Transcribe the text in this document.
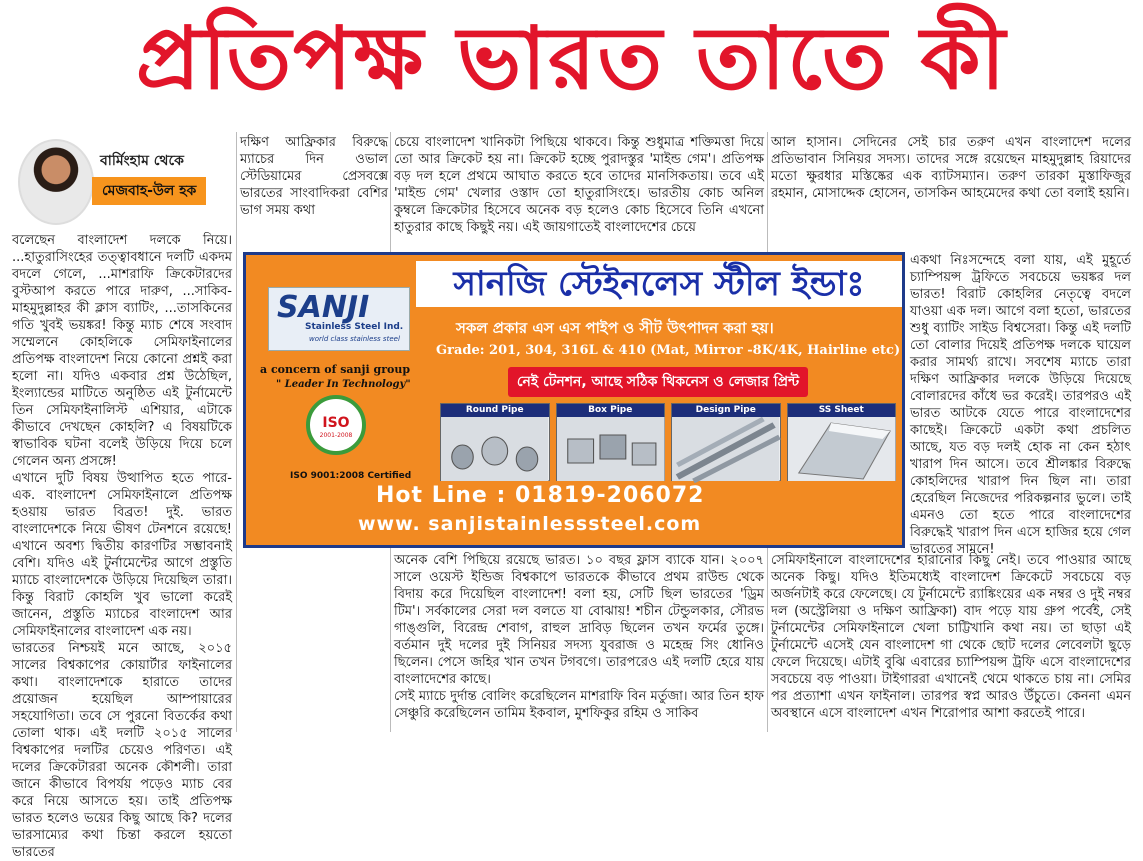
প্রতিপক্ষ ভারত তাতে কী
বার্মিংহাম থেকে
মেজবাহ-উল হক

বলেছেন বাংলাদেশ দলকে নিয়ে। ...হাতুরাসিংহের তত্ত্বাবধানে দলটি একদম বদলে গেলে, ...মাশরাফি ক্রিকেটারদের বুস্টআপ করতে পারে দারুণ, ...সাকিব-মাহমুদুল্লাহর কী ক্লাস ব্যাটিং, ...তাসকিনের গতি খুবই ভয়ঙ্কর! কিন্তু ম্যাচ শেষে সংবাদ সম্মেলনে কোহলিকে সেমিফাইনালের প্রতিপক্ষ বাংলাদেশ নিয়ে কোনো প্রশ্নই করা হলো না। যদিও একবার প্রশ্ন উঠেছিল, ইংল্যান্ডের মাটিতে অনুষ্ঠিত এই টুর্নামেন্টে তিন সেমিফাইনালিস্ট এশিয়ার, এটাকে কীভাবে দেখছেন কোহলি? এ বিষয়টিকে স্বাভাবিক ঘটনা বলেই উড়িয়ে দিয়ে চলে গেলেন অন্য প্রসঙ্গে!

এখানে দুটি বিষয় উত্থাপিত হতে পারে- এক. বাংলাদেশ সেমিফাইনালে প্রতিপক্ষ হওয়ায় ভারত বিব্রত! দুই. ভারত বাংলাদেশকে নিয়ে ভীষণ টেনশনে রয়েছে! এখানে অবশ্য দ্বিতীয় কারণটির সম্ভাবনাই বেশি। যদিও এই টুর্নামেন্টের আগে প্রস্তুতি ম্যাচে বাংলাদেশকে উড়িয়ে দিয়েছিল তারা। কিন্তু বিরাট কোহলি খুব ভালো করেই জানেন, প্রস্তুতি ম্যাচের বাংলাদেশ আর সেমিফাইনালের বাংলাদেশ এক নয়।

ভারতের নিশ্চয়ই মনে আছে, ২০১৫ সালের বিশ্বকাপের কোয়ার্টার ফাইনালের কথা। বাংলাদেশকে হারাতে তাদের প্রয়োজন হয়েছিল আম্পায়ারের সহযোগিতা। তবে সে পুরনো বিতর্কের কথা তোলা থাক। এই দলটি ২০১৫ সালের বিশ্বকাপের দলটির চেয়েও পরিণত। এই দলের ক্রিকেটাররা অনেক কৌশলী। তারা জানে কীভাবে বিপর্যয় পড়েও ম্যাচ বের করে নিয়ে আসতে হয়। তাই প্রতিপক্ষ ভারত হলেও ভয়ের কিছু আছে কি? দলের ভারসাম্যের কথা চিন্তা করলে হয়তো ভারতের

দক্ষিণ আফ্রিকার বিরুদ্ধে ম্যাচের দিন ওভাল স্টেডিয়ামের প্রেসবক্সে ভারতের সাংবাদিকরা বেশির ভাগ সময় কথা

চেয়ে বাংলাদেশ খানিকটা পিছিয়ে থাকবে। কিন্তু শুধুমাত্র শক্তিমত্তা দিয়ে তো আর ক্রিকেট হয় না। ক্রিকেট হচ্ছে পুরাদস্তুর 'মাইন্ড গেম'। প্রতিপক্ষ বড় দল হলে প্রথমে আঘাত করতে হবে তাদের মানসিকতায়। তবে এই 'মাইন্ড গেম' খেলার ওস্তাদ তো হাতুরাসিংহে। ভারতীয় কোচ অনিল কুম্বলে ক্রিকেটার হিসেবে অনেক বড় হলেও কোচ হিসেবে তিনি এখনো হাতুরার কাছে কিছুই নয়। এই জায়গাতেই বাংলাদেশের চেয়ে

অনেক বেশি পিছিয়ে রয়েছে ভারত। ১০ বছর ফ্লাস ব্যাকে যান। ২০০৭ সালে ওয়েস্ট ইন্ডিজ বিশ্বকাপে ভারতকে কীভাবে প্রথম রাউন্ড থেকে বিদায় করে দিয়েছিল বাংলাদেশ! বলা হয়, সেটি ছিল ভারতের 'ড্রিম টিম'। সর্বকালের সেরা দল বলতে যা বোঝায়! শচীন টেন্ডুলকার, সৌরভ গাঙ্গুলি, বিরেন্দ্র শেবাগ, রাহুল দ্রাবিড় ছিলেন তখন ফর্মের তুঙ্গে। বর্তমান দুই দলের দুই সিনিয়র সদস্য যুবরাজ ও মহেন্দ্র সিং ধোনিও ছিলেন। পেসে জহির খান তখন টগবগে। তারপরেও এই দলটি হেরে যায় বাংলাদেশের কাছে।

সেই ম্যাচে দুর্দান্ত বোলিং করেছিলেন মাশরাফি বিন মর্তুজা। আর তিন হাফ সেঞ্চুরি করেছিলেন তামিম ইকবাল, মুশফিকুর রহিম ও সাকিব

আল হাসান। সেদিনের সেই চার তরুণ এখন বাংলাদেশ দলের প্রতিভাবান সিনিয়র সদস্য। তাদের সঙ্গে রয়েছেন মাহমুদুল্লাহ রিয়াদের মতো ক্ষুরধার মস্তিষ্কের এক ব্যাটসম্যান। তরুণ তারকা মুস্তাফিজুর রহমান, মোসাদ্দেক হোসেন, তাসকিন আহমেদের কথা তো বলাই হয়নি।

একথা নিঃসন্দেহে বলা যায়, এই মুহূর্তে চ্যাম্পিয়ন্স ট্রফিতে সবচেয়ে ভয়ঙ্কর দল ভারত! বিরাট কোহলির নেতৃত্বে বদলে যাওয়া এক দল। আগে বলা হতো, ভারতের শুধু ব্যাটিং সাইড বিশ্বসেরা। কিন্তু এই দলটি তো বোলার দিয়েই প্রতিপক্ষ দলকে ঘায়েল করার সামর্থ্য রাখে। সবশেষ ম্যাচে তারা দক্ষিণ আফ্রিকার দলকে উড়িয়ে দিয়েছে বোলারদের কাঁধে ভর করেই। তারপরও এই ভারত আটকে যেতে পারে বাংলাদেশের কাছেই। ক্রিকেটে একটা কথা প্রচলিত আছে, যত বড় দলই হোক না কেন হঠাৎ খারাপ দিন আসে। তবে শ্রীলঙ্কার বিরুদ্ধে কোহলিদের খারাপ দিন ছিল না। তারা হেরেছিল নিজেদের পরিকল্পনার ভুলে। তাই এমনও তো হতে পারে বাংলাদেশের বিরুদ্ধেই খারাপ দিন এসে হাজির হয়ে গেল ভারতের সামনে!

সেমিফাইনালে বাংলাদেশের হারানোর কিছু নেই। তবে পাওয়ার আছে অনেক কিছু। যদিও ইতিমধ্যেই বাংলাদেশ ক্রিকেটে সবচেয়ে বড় অর্জনটাই করে ফেলেছে। যে টুর্নামেন্টে র‌্যাঙ্কিংয়ের এক নম্বর ও দুই নম্বর দল (অস্ট্রেলিয়া ও দক্ষিণ আফ্রিকা) বাদ পড়ে যায় গ্রুপ পর্বেই, সেই টুর্নামেন্টের সেমিফাইনালে খেলা চাট্টিখানি কথা নয়। তা ছাড়া এই টুর্নামেন্টে এসেই যেন বাংলাদেশ গা থেকে ছোট দলের লেবেলটা ছুড়ে ফেলে দিয়েছে। এটাই বুঝি এবারের চ্যাম্পিয়ন্স ট্রফি এসে বাংলাদেশের সবচেয়ে বড় পাওয়া। টাইগাররা এখানেই থেমে থাকতে চায় না। সেমির পর প্রত্যাশা এখন ফাইনাল। তারপর স্বপ্ন আরও উঁচুতে। কেননা এমন অবস্থানে এসে বাংলাদেশ এখন শিরোপার আশা করতেই পারে।

সানজি স্টেইনলেস স্টীল ইন্ডাঃ
SANJI
Stainless Steel Ind.
world class stainless steel
a concern of sanji group
" Leader In Technology"
ISO
2001-2008
ISO 9001:2008 Certified
সকল প্রকার এস এস পাইপ ও সীট উৎপাদন করা হয়।
Grade: 201, 304, 316L & 410 (Mat, Mirror -8K/4K, Hairline etc)
নেই টেনশন, আছে সঠিক থিকনেস ও লেজার প্রিন্ট
Round Pipe	Box Pipe	Design Pipe	SS Sheet
Hot Line : 01819-206072
www. sanjistainlesssteel.com
